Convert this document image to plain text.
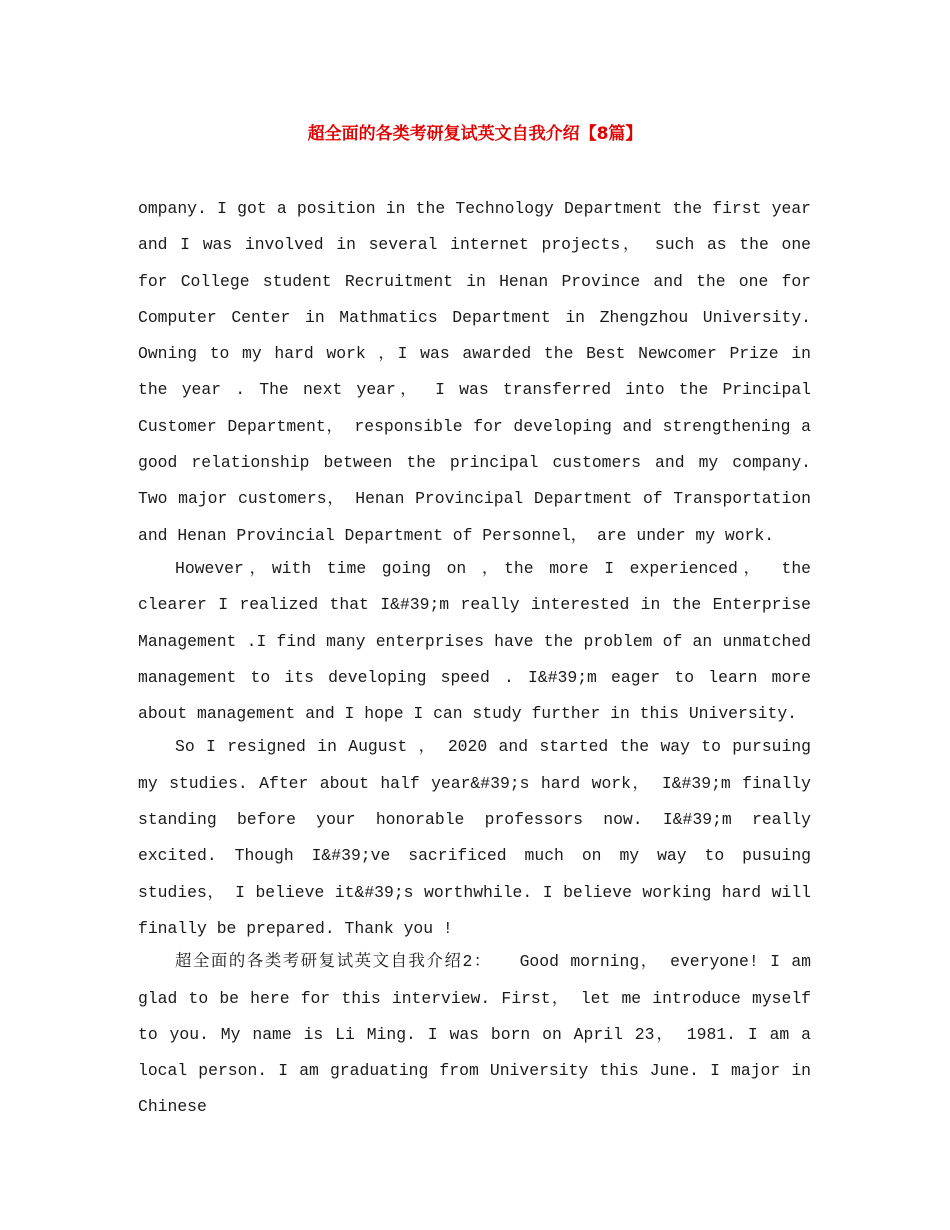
超全面的各类考研复试英文自我介绍【8篇】

ompany. I got a position in the Technology Department the first year and I was involved in several internet projects， such as the one for College student Recruitment in Henan Province and the one for Computer Center in Mathmatics Department in Zhengzhou University. Owning to my hard work ，I was awarded the Best Newcomer Prize in the year . The next year， I was transferred into the Principal Customer Department， responsible for developing and strengthening a good relationship between the principal customers and my company. Two major customers， Henan Provincipal Department of Transportation and Henan Provincial Department of Personnel， are under my work.

However，with time going on ，the more I experienced， the clearer I realized that I&#39;m really interested in the Enterprise Management .I find many enterprises have the problem of an unmatched management to its developing speed . I&#39;m eager to learn more about management and I hope I can study further in this University.

So I resigned in August ， 2020 and started the way to pursuing my studies. After about half year&#39;s hard work， I&#39;m finally standing before your honorable professors now. I&#39;m really excited. Though I&#39;ve sacrificed much on my way to pusuing studies， I believe it&#39;s worthwhile. I believe working hard will finally be prepared. Thank you !

超全面的各类考研复试英文自我介绍2：　　Good morning， everyone! I am glad to be here for this interview. First， let me introduce myself to you. My name is Li Ming. I was born on April 23， 1981. I am a local person. I am graduating from University this June. I major in Chinese
